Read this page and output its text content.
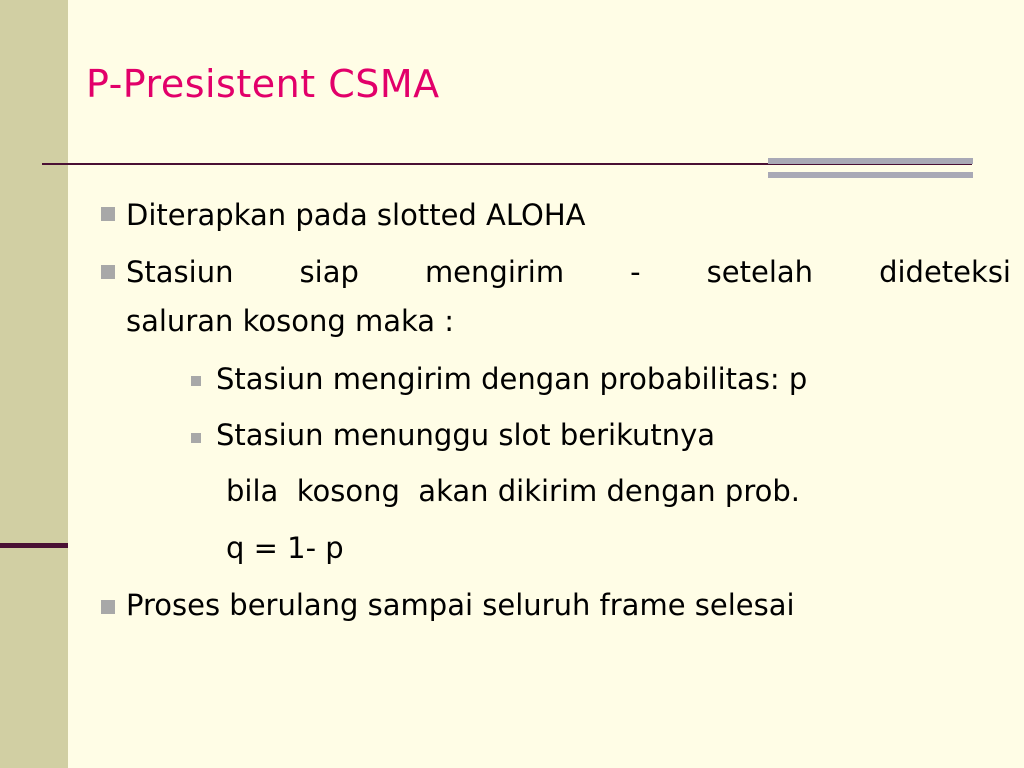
P-Presistent CSMA
Diterapkan pada slotted ALOHA
Stasiun siap mengirim - setelah dideteksi
saluran kosong maka :
Stasiun mengirim dengan probabilitas: p
Stasiun menunggu slot berikutnya
bila  kosong  akan dikirim dengan prob.
q = 1- p
Proses berulang sampai seluruh frame selesai
